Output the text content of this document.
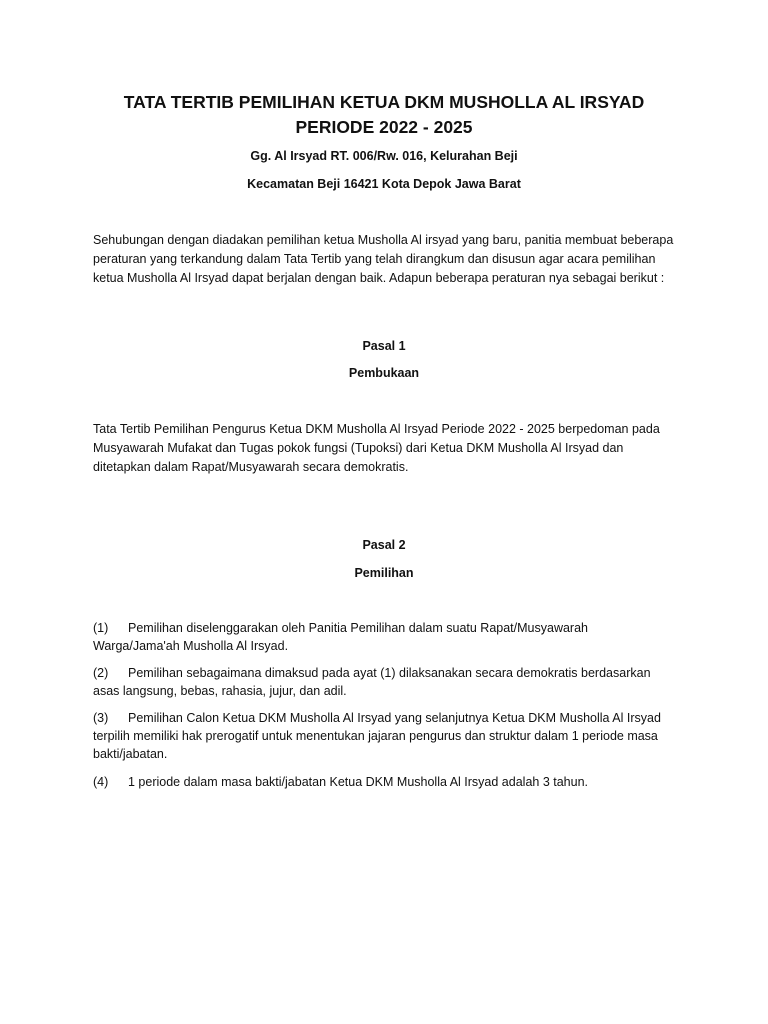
TATA TERTIB PEMILIHAN KETUA DKM MUSHOLLA AL IRSYAD
PERIODE 2022 - 2025
Gg. Al Irsyad RT. 006/Rw. 016, Kelurahan Beji
Kecamatan Beji 16421 Kota Depok Jawa Barat
Sehubungan dengan diadakan pemilihan ketua Musholla Al irsyad yang baru, panitia membuat beberapa peraturan yang terkandung dalam Tata Tertib yang telah dirangkum dan disusun agar acara pemilihan ketua Musholla Al Irsyad dapat berjalan dengan baik. Adapun beberapa peraturan nya sebagai berikut :
Pasal 1
Pembukaan
Tata Tertib Pemilihan Pengurus Ketua DKM Musholla Al Irsyad Periode 2022 - 2025 berpedoman pada Musyawarah Mufakat dan Tugas pokok fungsi (Tupoksi) dari Ketua DKM Musholla Al Irsyad dan ditetapkan dalam Rapat/Musyawarah secara demokratis.
Pasal 2
Pemilihan
(1) Pemilihan diselenggarakan oleh Panitia Pemilihan dalam suatu Rapat/Musyawarah Warga/Jama'ah Musholla Al Irsyad.
(2) Pemilihan sebagaimana dimaksud pada ayat (1) dilaksanakan secara demokratis berdasarkan asas langsung, bebas, rahasia, jujur, dan adil.
(3) Pemilihan Calon Ketua DKM Musholla Al Irsyad yang selanjutnya Ketua DKM Musholla Al Irsyad terpilih memiliki hak prerogatif untuk menentukan jajaran pengurus dan struktur dalam 1 periode masa bakti/jabatan.
(4) 1 periode dalam masa bakti/jabatan Ketua DKM Musholla Al Irsyad adalah 3 tahun.
